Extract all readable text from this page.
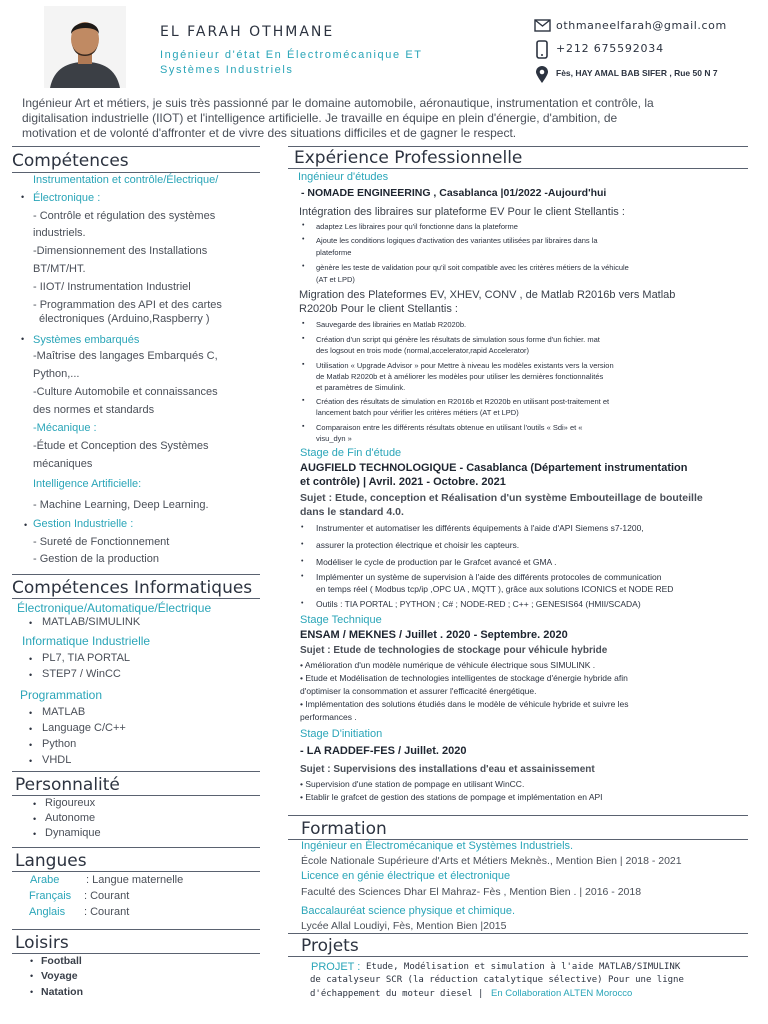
EL FARAH OTHMANE
Ingénieur d'état En Électromécanique ET
Systèmes Industriels
othmaneelfarah@gmail.com
+212 675592034
Fès, HAY AMAL BAB SIFER , Rue 50 N 7
Ingénieur Art et métiers, je suis très passionné par le domaine automobile, aéronautique, instrumentation et contrôle, la
digitalisation industrielle (IIOT) et l'intelligence artificielle. Je travaille en équipe en plein d'énergie, d'ambition, de
motivation et de volonté d'affronter et de vivre des situations difficiles et de gagner le respect.
Compétences
Instrumentation et contrôle/Électrique/
• Électronique :
- Contrôle et régulation des systèmes
industriels.
-Dimensionnement des Installations
BT/MT/HT.
- IIOT/ Instrumentation Industriel
- Programmation des API et des cartes
électroniques (Arduino,Raspberry )
• Systèmes embarqués
-Maîtrise des langages Embarqués C,
Python,...
-Culture Automobile et connaissances
des normes et standards
-Mécanique :
-Étude et Conception des Systèmes
mécaniques
Intelligence Artificielle:
- Machine Learning, Deep Learning.
• Gestion Industrielle :
- Sureté de Fonctionnement
- Gestion de la production
Compétences Informatiques
Électronique/Automatique/Électrique
• MATLAB/SIMULINK
Informatique Industrielle
• PL7, TIA PORTAL
• STEP7 / WinCC
Programmation
• MATLAB
• Language C/C++
• Python
• VHDL
Personnalité
• Rigoureux
• Autonome
• Dynamique
Langues
Arabe : Langue maternelle
Français : Courant
Anglais : Courant
Loisirs
• Football
• Voyage
• Natation
Expérience Professionnelle
Ingénieur d'études
- NOMADE ENGINEERING , Casablanca |01/2022 -Aujourd'hui
Intégration des libraires sur plateforme EV Pour le client Stellantis :
• adaptez Les libraires pour qu'il fonctionne dans la plateforme
• Ajoute les conditions logiques d'activation des variantes utilisées par libraires dans la
plateforme
• gènère les teste de validation pour qu'il soit compatible avec les critères métiers de la véhicule
(AT et LPD)
Migration des Plateformes EV, XHEV, CONV , de Matlab R2016b vers Matlab
R2020b Pour le client Stellantis :
▪ Sauvegarde des librairies en Matlab R2020b.
▪ Création d'un script qui génère les résultats de simulation sous forme d'un fichier. mat
des logsout en trois mode (normal,accelerator,rapid Accelerator)
▪ Utilisation « Upgrade Advisor » pour Mettre à niveau les modèles existants vers la version
de Matlab R2020b et à améliorer les modèles pour utiliser les dernières fonctionnalités
et paramètres de Simulink.
▪ Création des résultats de simulation en R2016b et R2020b en utilisant post-traitement et
lancement batch pour vérifier les critères métiers (AT et LPD)
▪ Comparaison entre les différents résultats obtenue en utilisant l'outils « Sdi» et «
visu_dyn »
Stage de Fin d'étude
AUGFIELD TECHNOLOGIQUE - Casablanca (Département instrumentation
et contrôle) | Avril. 2021 - Octobre. 2021
Sujet : Etude, conception et Réalisation d'un système Embouteillage de bouteille
dans le standard 4.0.
• Instrumenter et automatiser les différents équipements à l'aide d'API Siemens s7-1200,
• assurer la protection électrique et choisir les capteurs.
• Modéliser le cycle de production par le Grafcet avancé et GMA .
• Implémenter un système de supervision à l'aide des différents protocoles de communication
en temps réel ( Modbus tcp/ip ,OPC UA , MQTT ), grâce aux solutions ICONICS et NODE RED
• Outils : TIA PORTAL ; PYTHON ; C# ; NODE-RED ; C++ ; GENESIS64 (HMII/SCADA)
Stage Technique
ENSAM / MEKNES / Juillet . 2020 - Septembre. 2020
Sujet : Etude de technologies de stockage pour véhicule hybride
• Amélioration d'un modèle numérique de véhicule électrique sous SIMULINK .
• Etude et Modélisation de technologies intelligentes de stockage d'énergie hybride afin
d'optimiser la consommation et assurer l'efficacité énergétique.
• Implémentation des solutions étudiés dans le modèle de véhicule hybride et suivre les
performances .
Stage D'initiation
- LA RADDEF-FES / Juillet. 2020
Sujet : Supervisions des installations d'eau et assainissement
• Supervision d'une station de pompage en utilisant WinCC.
• Etablir le grafcet de gestion des stations de pompage et implémentation en API
Formation
Ingénieur en Électromécanique et Systèmes Industriels.
École Nationale Supérieure d'Arts et Métiers Meknès., Mention Bien | 2018 - 2021
Licence en génie électrique et électronique
Faculté des Sciences Dhar El Mahraz- Fès , Mention Bien . | 2016 - 2018
Baccalauréat science physique et chimique.
Lycée Allal Loudiyi, Fès, Mention Bien |2015
Projets
PROJET : Etude, Modélisation et simulation à l'aide MATLAB/SIMULINK
de catalyseur SCR (la réduction catalytique sélective) Pour une ligne
d'échappement du moteur diesel | En Collaboration ALTEN Morocco
